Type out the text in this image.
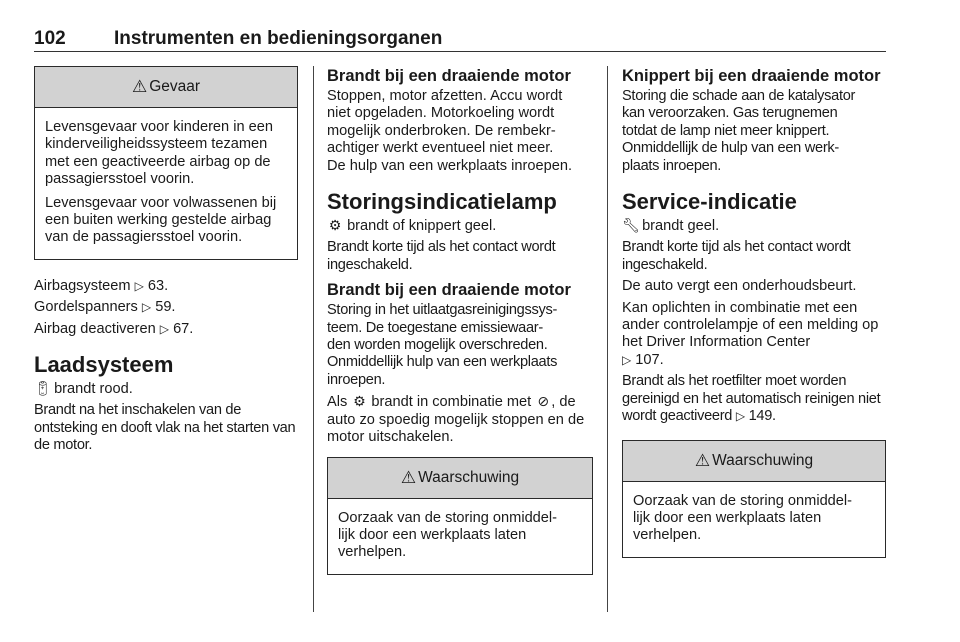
102	Instrumenten en bedieningsorganen
⚠ Gevaar

Levensgevaar voor kinderen in een kinderveiligheidssysteem tezamen met een geactiveerde airbag op de passagiersstoel voorin.

Levensgevaar voor volwassenen bij een buiten werking gestelde airbag van de passagiersstoel voorin.

Airbagsysteem ▷ 63.

Gordelspanners ▷ 59.

Airbag deactiveren ▷ 67.

Laadsysteem

🔋︎ brandt rood.

Brandt na het inschakelen van de ontsteking en dooft vlak na het starten van de motor.

Brandt bij een draaiende motor

Stoppen, motor afzetten. Accu wordt
niet opgeladen. Motorkoeling wordt
mogelijk onderbroken. De rembekr-
achtiger werkt eventueel niet meer.
De hulp van een werkplaats inroepen.

Storingsindicatielamp

⚙ brandt of knippert geel.

Brandt korte tijd als het contact wordt ingeschakeld.

Brandt bij een draaiende motor

Storing in het uitlaatgasreinigingssys-
teem. De toegestane emissiewaar-
den worden mogelijk overschreden.
Onmiddellijk hulp van een werkplaats
inroepen.

Als ⚙ brandt in combinatie met ⊘ , de auto zo spoedig mogelijk stoppen en de motor uitschakelen.

⚠ Waarschuwing

Oorzaak van de storing onmiddel-
lijk door een werkplaats laten
verhelpen.

Knippert bij een draaiende motor

Storing die schade aan de katalysator
kan veroorzaken. Gas terugnemen
totdat de lamp niet meer knippert.
Onmiddellijk de hulp van een werk-
plaats inroepen.

Service-indicatie

🔧︎ brandt geel.

Brandt korte tijd als het contact wordt ingeschakeld.

De auto vergt een onderhoudsbeurt.

Kan oplichten in combinatie met een ander controlelampje of een melding op het Driver Information Center
▷ 107.

Brandt als het roetfilter moet worden gereinigd en het automatisch reinigen niet wordt geactiveerd ▷ 149.

⚠ Waarschuwing

Oorzaak van de storing onmiddel-
lijk door een werkplaats laten
verhelpen.
